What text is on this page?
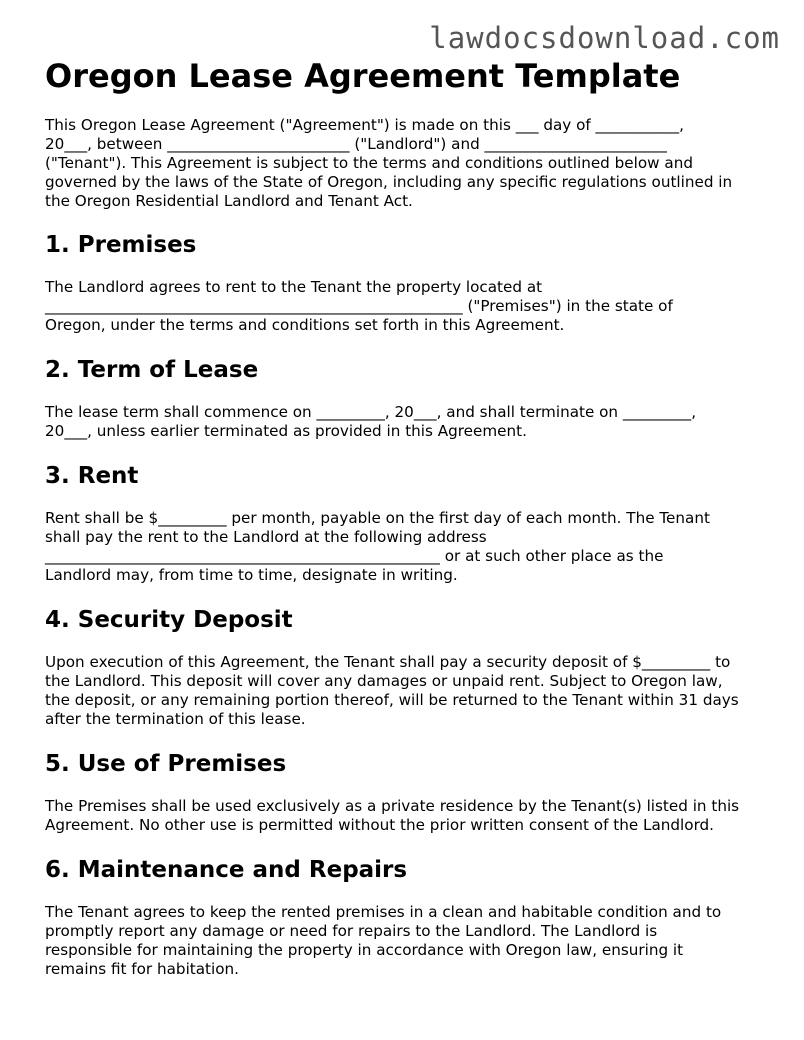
lawdocsdownload.com
Oregon Lease Agreement Template

This Oregon Lease Agreement ("Agreement") is made on this ___ day of ___________,
20___, between ________________________ ("Landlord") and ________________________
("Tenant"). This Agreement is subject to the terms and conditions outlined below and
governed by the laws of the State of Oregon, including any specific regulations outlined in
the Oregon Residential Landlord and Tenant Act.

1. Premises

The Landlord agrees to rent to the Tenant the property located at
_______________________________________________________ ("Premises") in the state of
Oregon, under the terms and conditions set forth in this Agreement.

2. Term of Lease

The lease term shall commence on _________, 20___, and shall terminate on _________,
20___, unless earlier terminated as provided in this Agreement.

3. Rent

Rent shall be $_________ per month, payable on the first day of each month. The Tenant
shall pay the rent to the Landlord at the following address
____________________________________________________ or at such other place as the
Landlord may, from time to time, designate in writing.

4. Security Deposit

Upon execution of this Agreement, the Tenant shall pay a security deposit of $_________ to
the Landlord. This deposit will cover any damages or unpaid rent. Subject to Oregon law,
the deposit, or any remaining portion thereof, will be returned to the Tenant within 31 days
after the termination of this lease.

5. Use of Premises

The Premises shall be used exclusively as a private residence by the Tenant(s) listed in this
Agreement. No other use is permitted without the prior written consent of the Landlord.

6. Maintenance and Repairs

The Tenant agrees to keep the rented premises in a clean and habitable condition and to
promptly report any damage or need for repairs to the Landlord. The Landlord is
responsible for maintaining the property in accordance with Oregon law, ensuring it
remains fit for habitation.
